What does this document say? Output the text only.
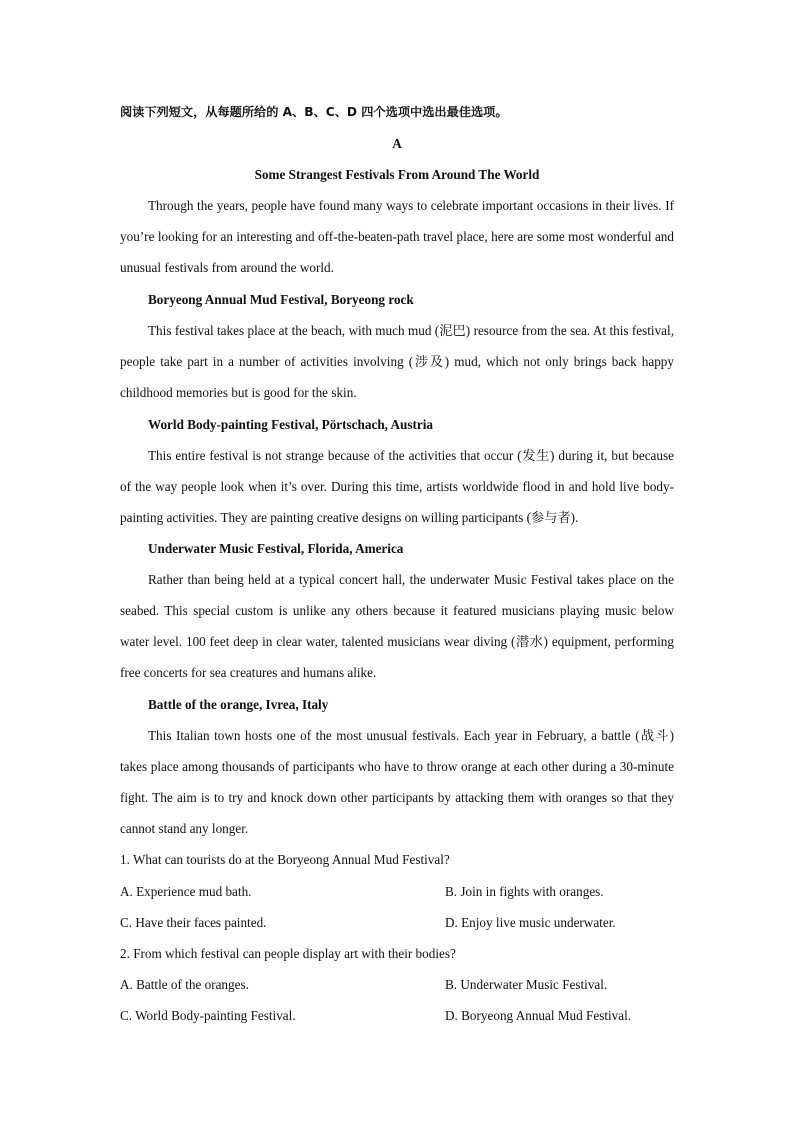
阅读下列短文，从每题所给的 A、B、C、D 四个选项中选出最佳选项。
A
Some Strangest Festivals From Around The World
Through the years, people have found many ways to celebrate important occasions in their lives. If you’re looking for an interesting and off-the-beaten-path travel place, here are some most wonderful and unusual festivals from around the world.
Boryeong Annual Mud Festival, Boryeong rock
This festival takes place at the beach, with much mud (泥巴) resource from the sea. At this festival, people take part in a number of activities involving (涉及) mud, which not only brings back happy childhood memories but is good for the skin.
World Body-painting Festival, Pörtschach, Austria
This entire festival is not strange because of the activities that occur (发生) during it, but because of the way people look when it’s over. During this time, artists worldwide flood in and hold live body-painting activities. They are painting creative designs on willing participants (参与者).
Underwater Music Festival, Florida, America
Rather than being held at a typical concert hall, the underwater Music Festival takes place on the seabed. This special custom is unlike any others because it featured musicians playing music below water level. 100 feet deep in clear water, talented musicians wear diving (潜水) equipment, performing free concerts for sea creatures and humans alike.
Battle of the orange, Ivrea, Italy
This Italian town hosts one of the most unusual festivals. Each year in February, a battle (战斗) takes place among thousands of participants who have to throw orange at each other during a 30-minute fight. The aim is to try and knock down other participants by attacking them with oranges so that they cannot stand any longer.
1. What can tourists do at the Boryeong Annual Mud Festival?
A. Experience mud bath.	B. Join in fights with oranges.
C. Have their faces painted.	D. Enjoy live music underwater.
2. From which festival can people display art with their bodies?
A. Battle of the oranges.	B. Underwater Music Festival.
C. World Body-painting Festival.	D. Boryeong Annual Mud Festival.
